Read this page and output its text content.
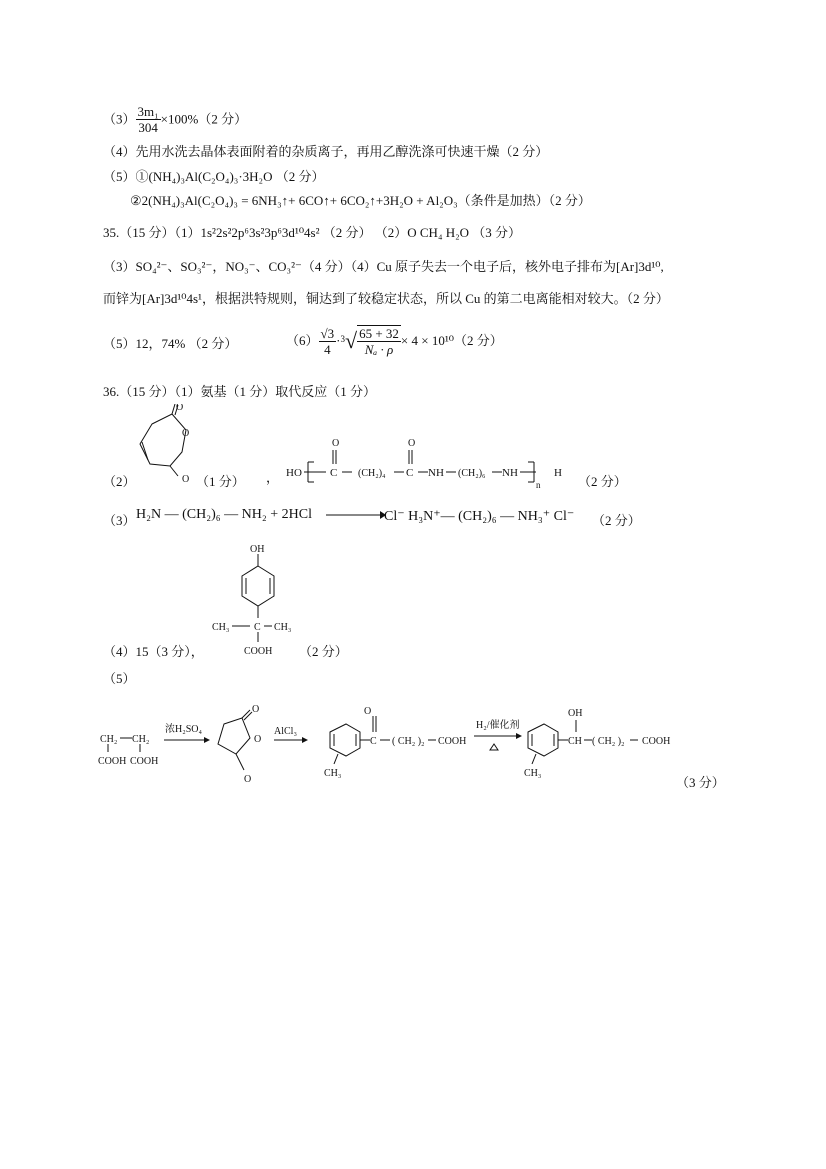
$(3) \frac{\text{3m₁}}{304} \times 100\%(2$ 分）
（4）先用水洗去晶体表面附着的杂质离子，再用乙醇洗涤可快速干燥（2 分）
（5）①(NH₄)₃Al(C₂O₄)₃·3H₂O （2 分）
②2(NH₄)₃Al(C₂O₄)₃ = 6NH₃↑+ 6CO↑+ 6CO₂↑+3H₂O + Al₂O₃（条件是加热）（2 分）
35.（15 分）（1）1s²2s²2p⁶3s²3p⁶3d¹⁰4s² （2 分） （2）O CH₄ H₂O （3 分）
（3）SO₄²⁻、SO₃²⁻，NO₃⁻、CO₃²⁻（4 分）（4）Cu 原子失去一个电子后，核外电子排布为[Ar]3d¹⁰,
而锌为[Ar]3d¹⁰4s¹，根据洪特规则，铜达到了较稳定状态，所以 Cu 的第二电离能相对较大。（2 分）
（5）12，74% （2 分）	$(6) \frac{√3}{4} \cdot 3√ \frac{65 + 32}{\text{Nₐ · ρ}} \times 4 \times 10^{10}(2$ 分）
36.（15 分）（1）氨基（1 分）取代反应（1 分）
（2）
O
O
O
（1 分） ， HO	C
O
(CH₂)₄ C
O
NH (CH₂)₆ NH
n
H
（2 分）
（3） H₂N — (CH₂)₆ — NH₂ + 2HCl	Cl⁻ H₃N⁺— (CH₂)₆ — NH₃⁺ Cl⁻ （2 分）
OH
CH₃ C CH₃
COOH
（4）15（3 分），	（2 分）
（5）
CH₂ CH₂
COOH COOH
浓H₂SO₄
O
O
O
AlCl₃
CH₃
C
O
( CH₂ )₂ COOH
H₂/催化剂
CH₃
OH
CH ( CH₂ )₂ COOH
（3 分）
